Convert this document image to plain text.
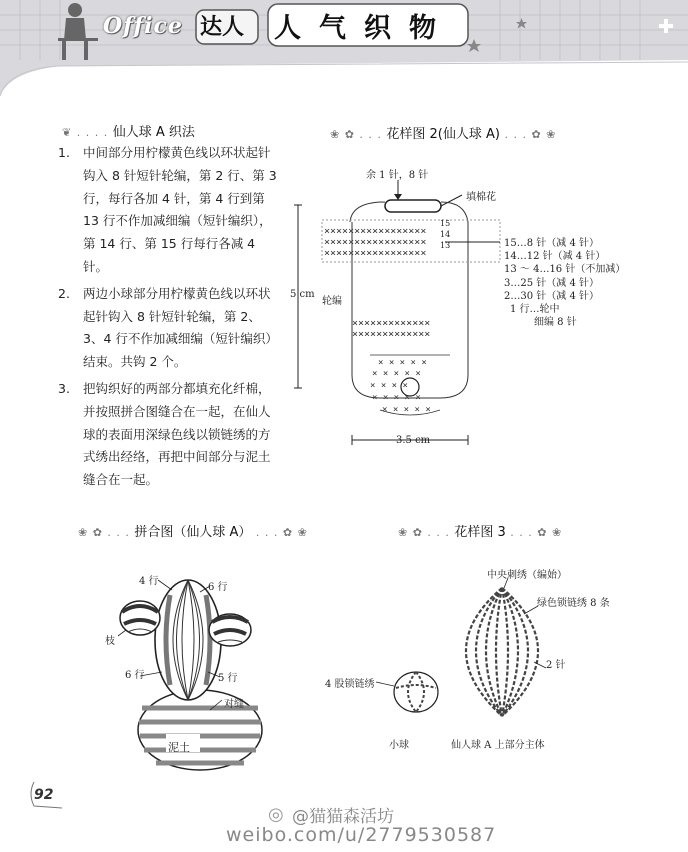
Office 达人 人气织物
❦ . . . . 仙人球 A 织法
1. 中间部分用柠檬黄色线以环状起针钩入 8 针短针轮编，第 2 行、第 3 行，每行各加 4 针，第 4 行到第 13 行不作加减细编（短针编织），第 14 行、第 15 行每行各减 4 针。
2. 两边小球部分用柠檬黄色线以环状起针钩入 8 针短针轮编，第 2、3、4 行不作加减细编（短针编织）结束。共钩 2 个。
3. 把钩织好的两部分都填充化纤棉，并按照拼合图缝合在一起，在仙人球的表面用深绿色线以锁链绣的方式绣出经络，再把中间部分与泥土缝合在一起。
❀ ✿ . . . 花样图 2(仙人球 A) . . . ✿ ❀
×××××××××××××××××
×××××××××××××××××
×××××××××××××××××
×××××××××××××
×××××××××××××
× × × × ×
× × × × ×
× × × ×
× × × × ×
× × × × ×
余 1 针，8 针
填棉花
5 cm
轮编
3.5 cm
15
14
13	15…8 针（减 4 针）
14…12 针（减 4 针）
13 ～ 4…16 针（不加减）
3…25 针（减 4 针）
2…30 针（减 4 针）
1 行…轮中
细编 8 针
❀ ✿ . . . 拼合图（仙人球 A） . . . ✿ ❀	❀ ✿ . . . 花样图 3 . . . ✿ ❀
4 行
6 行
枝
6 行	5 行
对缝
泥土
中央刺绣（编始）
绿色锁链绣 8 条
2 针
4 股锁链绣
小球	仙人球 A 上部分主体
92
◎ @猫猫森活坊
weibo.com/u/2779530587
